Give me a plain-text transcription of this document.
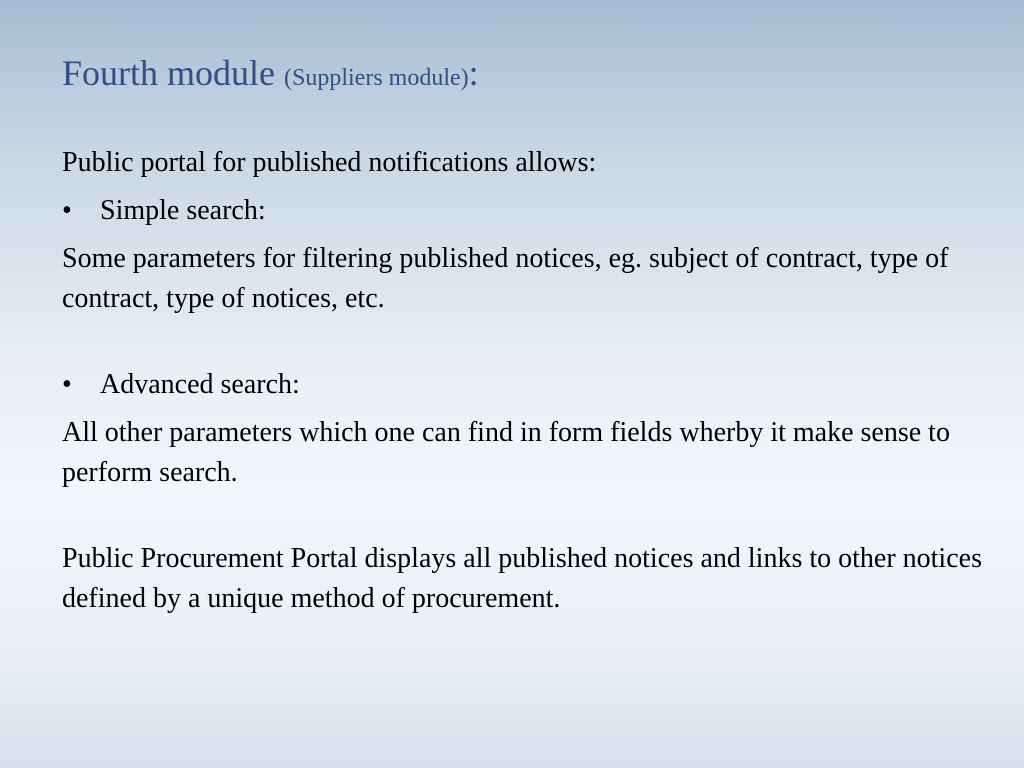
Fourth module (Suppliers module):

Public portal for published notifications allows:

• Simple search:

Some parameters for filtering published notices, eg. subject of contract, type of contract, type of notices, etc.

• Advanced search:

All other parameters which one can find in form fields wherby it make sense to perform search.

Public Procurement Portal displays all published notices and links to other notices defined by a unique method of procurement.
